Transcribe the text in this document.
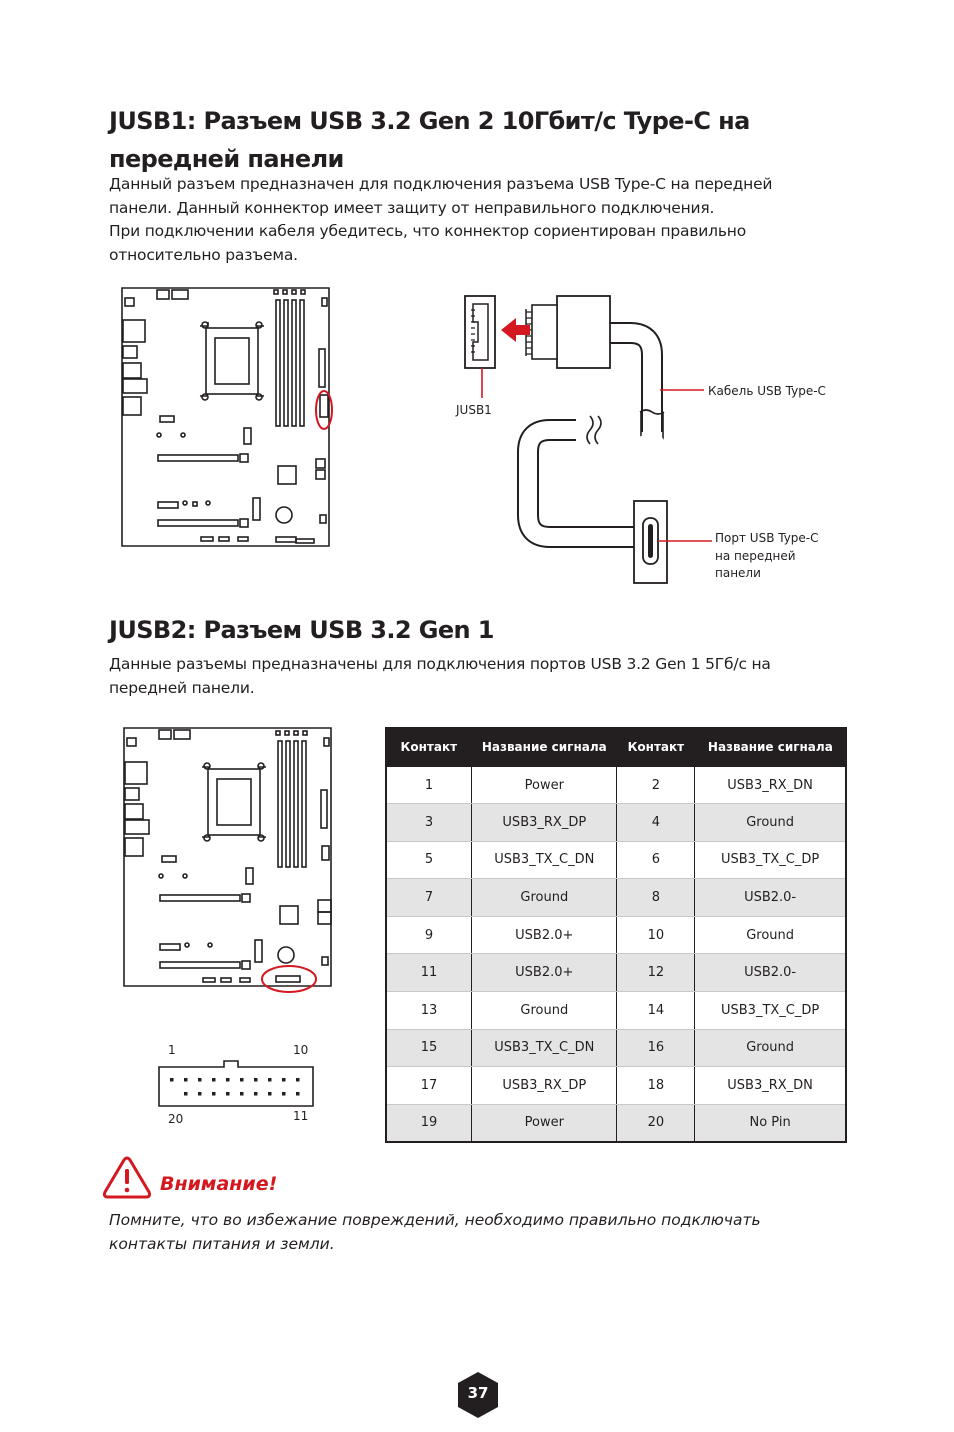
JUSB1: Разъем USB 3.2 Gen 2 10Гбит/с Type-C на
передней панели
Данный разъем предназначен для подключения разъема USB Type-C на передней
панели. Данный коннектор имеет защиту от неправильного подключения.
При подключении кабеля убедитесь, что коннектор сориентирован правильно
относительно разъема.
JUSB1
Кабель USB Type-C
Порт USB Type-C
на передней
панели
JUSB2: Разъем USB 3.2 Gen 1
Данные разъемы предназначены для подключения портов USB 3.2 Gen 1 5Гб/с на
передней панели.
1	10
20	11
Контакт	Название сигнала	Контакт	Название сигнала
1	Power	2	USB3_RX_DN
3	USB3_RX_DP	4	Ground
5	USB3_TX_C_DN	6	USB3_TX_C_DP
7	Ground	8	USB2.0-
9	USB2.0+	10	Ground
11	USB2.0+	12	USB2.0-
13	Ground	14	USB3_TX_C_DP
15	USB3_TX_C_DN	16	Ground
17	USB3_RX_DP	18	USB3_RX_DN
19	Power	20	No Pin
Внимание!
Помните, что во избежание повреждений, необходимо правильно подключать
контакты питания и земли.
37
